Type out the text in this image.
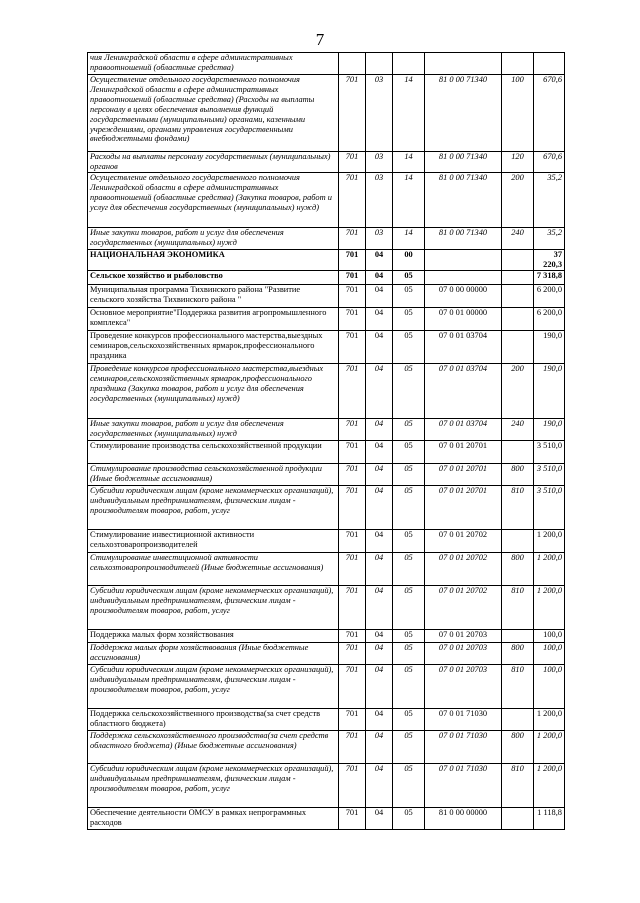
7
чия Ленинградской области в сфере административных правоотношений (областные средства)						
Осуществление отдельного государственного полномочия Ленинградской области в сфере административных правоотношений (областные средства) (Расходы на выплаты персоналу в целях обеспечения выполнения функций государственными (муниципальными) органами, казенными учреждениями, органами управления государственными внебюджетными фондами)	701	03	14	81 0 00 71340	100	670,6
Расходы на выплаты персоналу государственных (муниципальных) органов	701	03	14	81 0 00 71340	120	670,6
Осуществление отдельного государственного полномочия Ленинградской области в сфере административных правоотношений (областные средства) (Закупка товаров, работ и услуг для обеспечения государственных (муниципальных) нужд)	701	03	14	81 0 00 71340	200	35,2
Иные закупки товаров, работ и услуг для обеспечения государственных (муниципальных) нужд	701	03	14	81 0 00 71340	240	35,2
НАЦИОНАЛЬНАЯ ЭКОНОМИКА	701	04	00			37 220,3
Сельское хозяйство и рыболовство	701	04	05			7 318,8
Муниципальная программа Тихвинского района "Развитие сельского хозяйства Тихвинского района "	701	04	05	07 0 00 00000		6 200,0
Основное мероприятие"Поддержка развития агропромышленного комплекса"	701	04	05	07 0 01 00000		6 200,0
Проведение конкурсов профессионального мастерства,выездных семинаров,сельскохозяйственных ярмарок,профессионального праздника	701	04	05	07 0 01 03704		190,0
Проведение конкурсов профессионального мастерства,выездных семинаров,сельскохозяйственных ярмарок,профессионального праздника (Закупка товаров, работ и услуг для обеспечения государственных (муниципальных) нужд)	701	04	05	07 0 01 03704	200	190,0
Иные закупки товаров, работ и услуг для обеспечения государственных (муниципальных) нужд	701	04	05	07 0 01 03704	240	190,0
Стимулирование производства сельскохозяйственной продукции	701	04	05	07 0 01 20701		3 510,0
Стимулирование производства сельскохозяйственной продукции (Иные бюджетные ассигнования)	701	04	05	07 0 01 20701	800	3 510,0
Субсидии юридическим лицам (кроме некоммерческих организаций), индивидуальным предпринимателям, физическим лицам - производителям товаров, работ, услуг	701	04	05	07 0 01 20701	810	3 510,0
Стимулирование инвестиционной активности сельхозтоваропроизводителей	701	04	05	07 0 01 20702		1 200,0
Стимулирование инвестиционной активности сельхозтоваропроизводителей (Иные бюджетные ассигнования)	701	04	05	07 0 01 20702	800	1 200,0
Субсидии юридическим лицам (кроме некоммерческих организаций), индивидуальным предпринимателям, физическим лицам - производителям товаров, работ, услуг	701	04	05	07 0 01 20702	810	1 200,0
Поддержка малых форм хозяйствования	701	04	05	07 0 01 20703		100,0
Поддержка малых форм хозяйствования (Иные бюджетные ассигнования)	701	04	05	07 0 01 20703	800	100,0
Субсидии юридическим лицам (кроме некоммерческих организаций), индивидуальным предпринимателям, физическим лицам - производителям товаров, работ, услуг	701	04	05	07 0 01 20703	810	100,0
Поддержка сельскохозяйственного производства(за счет средств областного бюджета)	701	04	05	07 0 01 71030		1 200,0
Поддержка сельскохозяйственного производства(за счет средств областного бюджета) (Иные бюджетные ассигнования)	701	04	05	07 0 01 71030	800	1 200,0
Субсидии юридическим лицам (кроме некоммерческих организаций), индивидуальным предпринимателям, физическим лицам - производителям товаров, работ, услуг	701	04	05	07 0 01 71030	810	1 200,0
Обеспечение деятельности ОМСУ в рамках непрограммных расходов	701	04	05	81 0 00 00000		1 118,8
